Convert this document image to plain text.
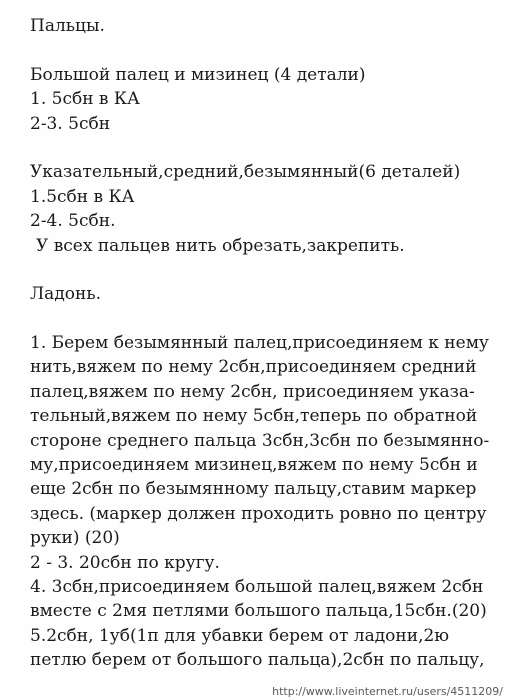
Пальцы.
Большой палец и мизинец (4 детали)
1. 5сбн в КА
2-3. 5сбн
Указательный,средний,безымянный(6 деталей)
1.5сбн в КА
2-4. 5сбн.
У всех пальцев нить обрезать,закрепить.
Ладонь.
1. Берем безымянный палец,присоединяем к нему
нить,вяжем по нему 2сбн,присоединяем средний
палец,вяжем по нему 2сбн, присоединяем указа-
тельный,вяжем по нему 5сбн,теперь по обратной
стороне среднего пальца 3сбн,3сбн по безымянно-
му,присоединяем мизинец,вяжем по нему 5сбн и
еще 2сбн по безымянному пальцу,ставим маркер
здесь. (маркер должен проходить ровно по центру
руки) (20)
2 - 3. 20сбн по кругу.
4. 3сбн,присоединяем большой палец,вяжем 2сбн
вместе с 2мя петлями большого пальца,15сбн.(20)
5.2сбн, 1уб(1п для убавки берем от ладони,2ю
петлю берем от большого пальца),2сбн по пальцу,
http://www.liveinternet.ru/users/4511209/
